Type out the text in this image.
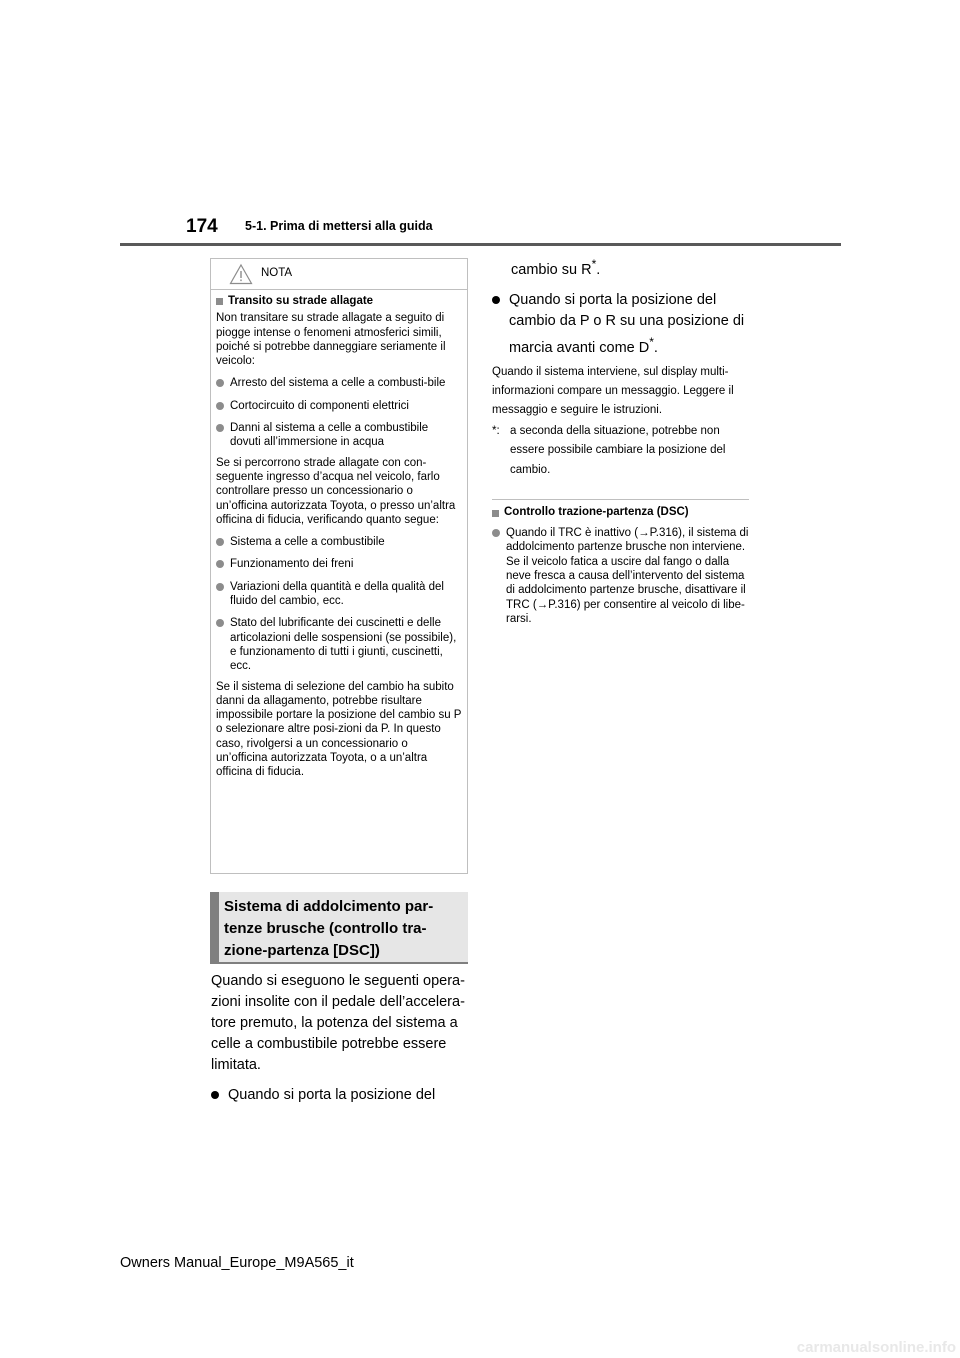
174 5-1. Prima di mettersi alla guida
NOTA
Transito su strade allagate

Non transitare su strade allagate a seguito di piogge intense o fenomeni atmosferici simili, poiché si potrebbe danneggiare seriamente il veicolo:

Arresto del sistema a celle a combusti-bile
Cortocircuito di componenti elettrici
Danni al sistema a celle a combustibile dovuti all’immersione in acqua

Se si percorrono strade allagate con con-seguente ingresso d’acqua nel veicolo, farlo controllare presso un concessionario o un’officina autorizzata Toyota, o presso un’altra officina di fiducia, verificando quanto segue:

Sistema a celle a combustibile
Funzionamento dei freni
Variazioni della quantità e della qualità del fluido del cambio, ecc.
Stato del lubrificante dei cuscinetti e delle articolazioni delle sospensioni (se possibile), e funzionamento di tutti i giunti, cuscinetti, ecc.

Se il sistema di selezione del cambio ha subito danni da allagamento, potrebbe risultare impossibile portare la posizione del cambio su P o selezionare altre posi-zioni da P. In questo caso, rivolgersi a un concessionario o un’officina autorizzata Toyota, o a un’altra officina di fiducia.

Sistema di addolcimento par-tenze brusche (controllo tra-zione-partenza [DSC])

Quando si eseguono le seguenti opera-zioni insolite con il pedale dell’accelera-tore premuto, la potenza del sistema a celle a combustibile potrebbe essere limitata.

Quando si porta la posizione del
cambio su R*.
Quando si porta la posizione del cambio da P o R su una posizione di marcia avanti come D*.
Quando il sistema interviene, sul display multi-informazioni compare un messaggio. Leggere il messaggio e seguire le istruzioni.
*: a seconda della situazione, potrebbe non essere possibile cambiare la posizione del cambio.
Controllo trazione-partenza (DSC)
Quando il TRC è inattivo (→P.316), il sistema di addolcimento partenze brusche non interviene. Se il veicolo fatica a uscire dal fango o dalla neve fresca a causa dell’intervento del sistema di addolcimento partenze brusche, disattivare il TRC (→P.316) per consentire al veicolo di libe-rarsi.
Owners Manual_Europe_M9A565_it
carmanualsonline.info
